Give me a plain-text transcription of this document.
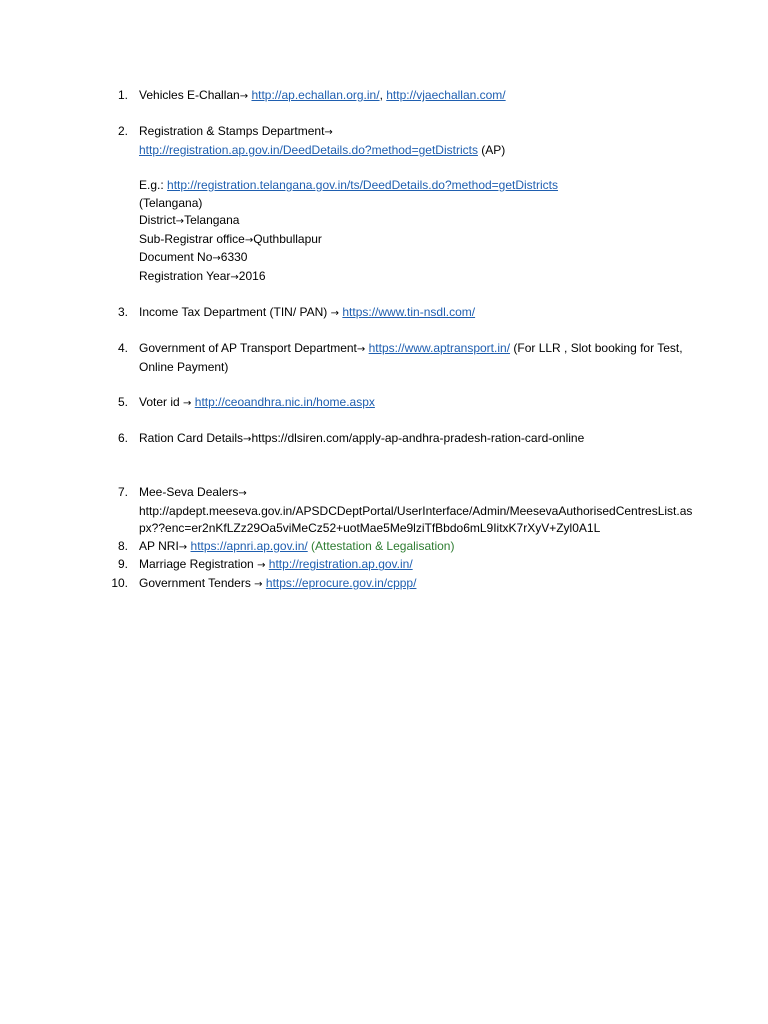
1. Vehicles E-Challan→ http://ap.echallan.org.in/, http://vjaechallan.com/
2. Registration & Stamps Department→
http://registration.ap.gov.in/DeedDetails.do?method=getDistricts (AP)
E.g.: http://registration.telangana.gov.in/ts/DeedDetails.do?method=getDistricts
(Telangana)
District→Telangana
Sub-Registrar office→Quthbullapur
Document No→6330
Registration Year→2016
3. Income Tax Department (TIN/ PAN) → https://www.tin-nsdl.com/
4. Government of AP Transport Department→ https://www.aptransport.in/ (For LLR , Slot booking for Test, Online Payment)
5. Voter id → http://ceoandhra.nic.in/home.aspx
6. Ration Card Details→https://dlsiren.com/apply-ap-andhra-pradesh-ration-card-online
7. Mee-Seva Dealers→
http://apdept.meeseva.gov.in/APSDCDeptPortal/UserInterface/Admin/MeesevaAuthorisedCentresList.aspx??enc=er2nKfLZz29Oa5viMeCz52+uotMae5Me9lziTfBbdo6mL9IitxK7rXyV+Zyl0A1L
8. AP NRI→ https://apnri.ap.gov.in/ (Attestation & Legalisation)
9. Marriage Registration → http://registration.ap.gov.in/
10. Government Tenders → https://eprocure.gov.in/cppp/
